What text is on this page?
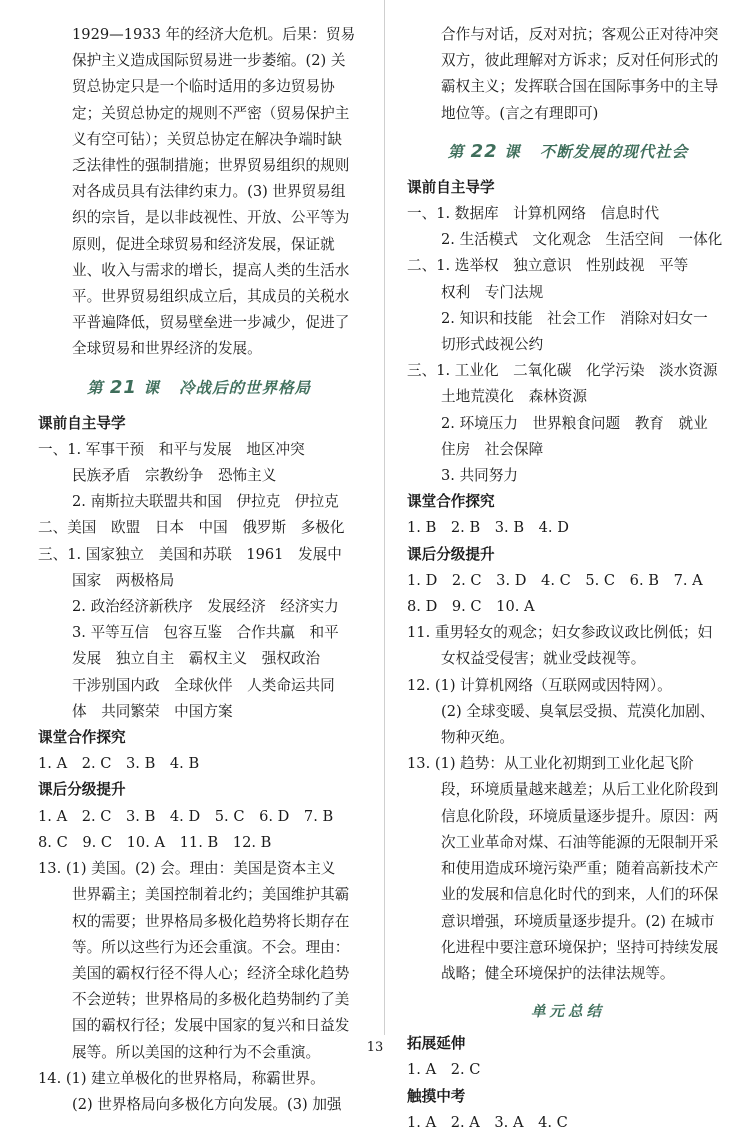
1929—1933 年的经济大危机。后果：贸易
保护主义造成国际贸易进一步萎缩。(2) 关
贸总协定只是一个临时适用的多边贸易协
定；关贸总协定的规则不严密（贸易保护主
义有空可钻）；关贸总协定在解决争端时缺
乏法律性的强制措施；世界贸易组织的规则
对各成员具有法律约束力。(3) 世界贸易组
织的宗旨，是以非歧视性、开放、公平等为
原则，促进全球贸易和经济发展，保证就
业、收入与需求的增长，提高人类的生活水
平。世界贸易组织成立后，其成员的关税水
平普遍降低，贸易壁垒进一步减少，促进了
全球贸易和世界经济的发展。
第 21 课 冷战后的世界格局
课前自主导学
一、1. 军事干预　和平与发展　地区冲突
民族矛盾　宗教纷争　恐怖主义
2. 南斯拉夫联盟共和国　伊拉克　伊拉克
二、美国　欧盟　日本　中国　俄罗斯　多极化
三、1. 国家独立　美国和苏联　1961　发展中
国家　两极格局
2. 政治经济新秩序　发展经济　经济实力
3. 平等互信　包容互鉴　合作共赢　和平
发展　独立自主　霸权主义　强权政治
干涉别国内政　全球伙伴　人类命运共同
体　共同繁荣　中国方案
课堂合作探究
1. A　2. C　3. B　4. B
课后分级提升
1. A　2. C　3. B　4. D　5. C　6. D　7. B
8. C　9. C　10. A　11. B　12. B
13. (1) 美国。(2) 会。理由：美国是资本主义
世界霸主；美国控制着北约；美国维护其霸
权的需要；世界格局多极化趋势将长期存在
等。所以这些行为还会重演。不会。理由：
美国的霸权行径不得人心；经济全球化趋势
不会逆转；世界格局的多极化趋势制约了美
国的霸权行径；发展中国家的复兴和日益发
展等。所以美国的这种行为不会重演。
14. (1) 建立单极化的世界格局，称霸世界。
(2) 世界格局向多极化方向发展。(3) 加强
合作与对话，反对对抗；客观公正对待冲突
双方，彼此理解对方诉求；反对任何形式的
霸权主义；发挥联合国在国际事务中的主导
地位等。(言之有理即可)
第 22 课 不断发展的现代社会
课前自主导学
一、1. 数据库　计算机网络　信息时代
2. 生活模式　文化观念　生活空间　一体化
二、1. 选举权　独立意识　性别歧视　平等
权利　专门法规
2. 知识和技能　社会工作　消除对妇女一
切形式歧视公约
三、1. 工业化　二氧化碳　化学污染　淡水资源
土地荒漠化　森林资源
2. 环境压力　世界粮食问题　教育　就业
住房　社会保障
3. 共同努力
课堂合作探究
1. B　2. B　3. B　4. D
课后分级提升
1. D　2. C　3. D　4. C　5. C　6. B　7. A
8. D　9. C　10. A
11. 重男轻女的观念；妇女参政议政比例低；妇
女权益受侵害；就业受歧视等。
12. (1) 计算机网络（互联网或因特网）。
(2) 全球变暖、臭氧层受损、荒漠化加剧、
物种灭绝。
13. (1) 趋势：从工业化初期到工业化起飞阶
段，环境质量越来越差；从后工业化阶段到
信息化阶段，环境质量逐步提升。原因：两
次工业革命对煤、石油等能源的无限制开采
和使用造成环境污染严重；随着高新技术产
业的发展和信息化时代的到来，人们的环保
意识增强，环境质量逐步提升。(2) 在城市
化进程中要注意环境保护；坚持可持续发展
战略；健全环境保护的法律法规等。
单元总结
拓展延伸
1. A　2. C
触摸中考
1. A　2. A　3. A　4. C
13
